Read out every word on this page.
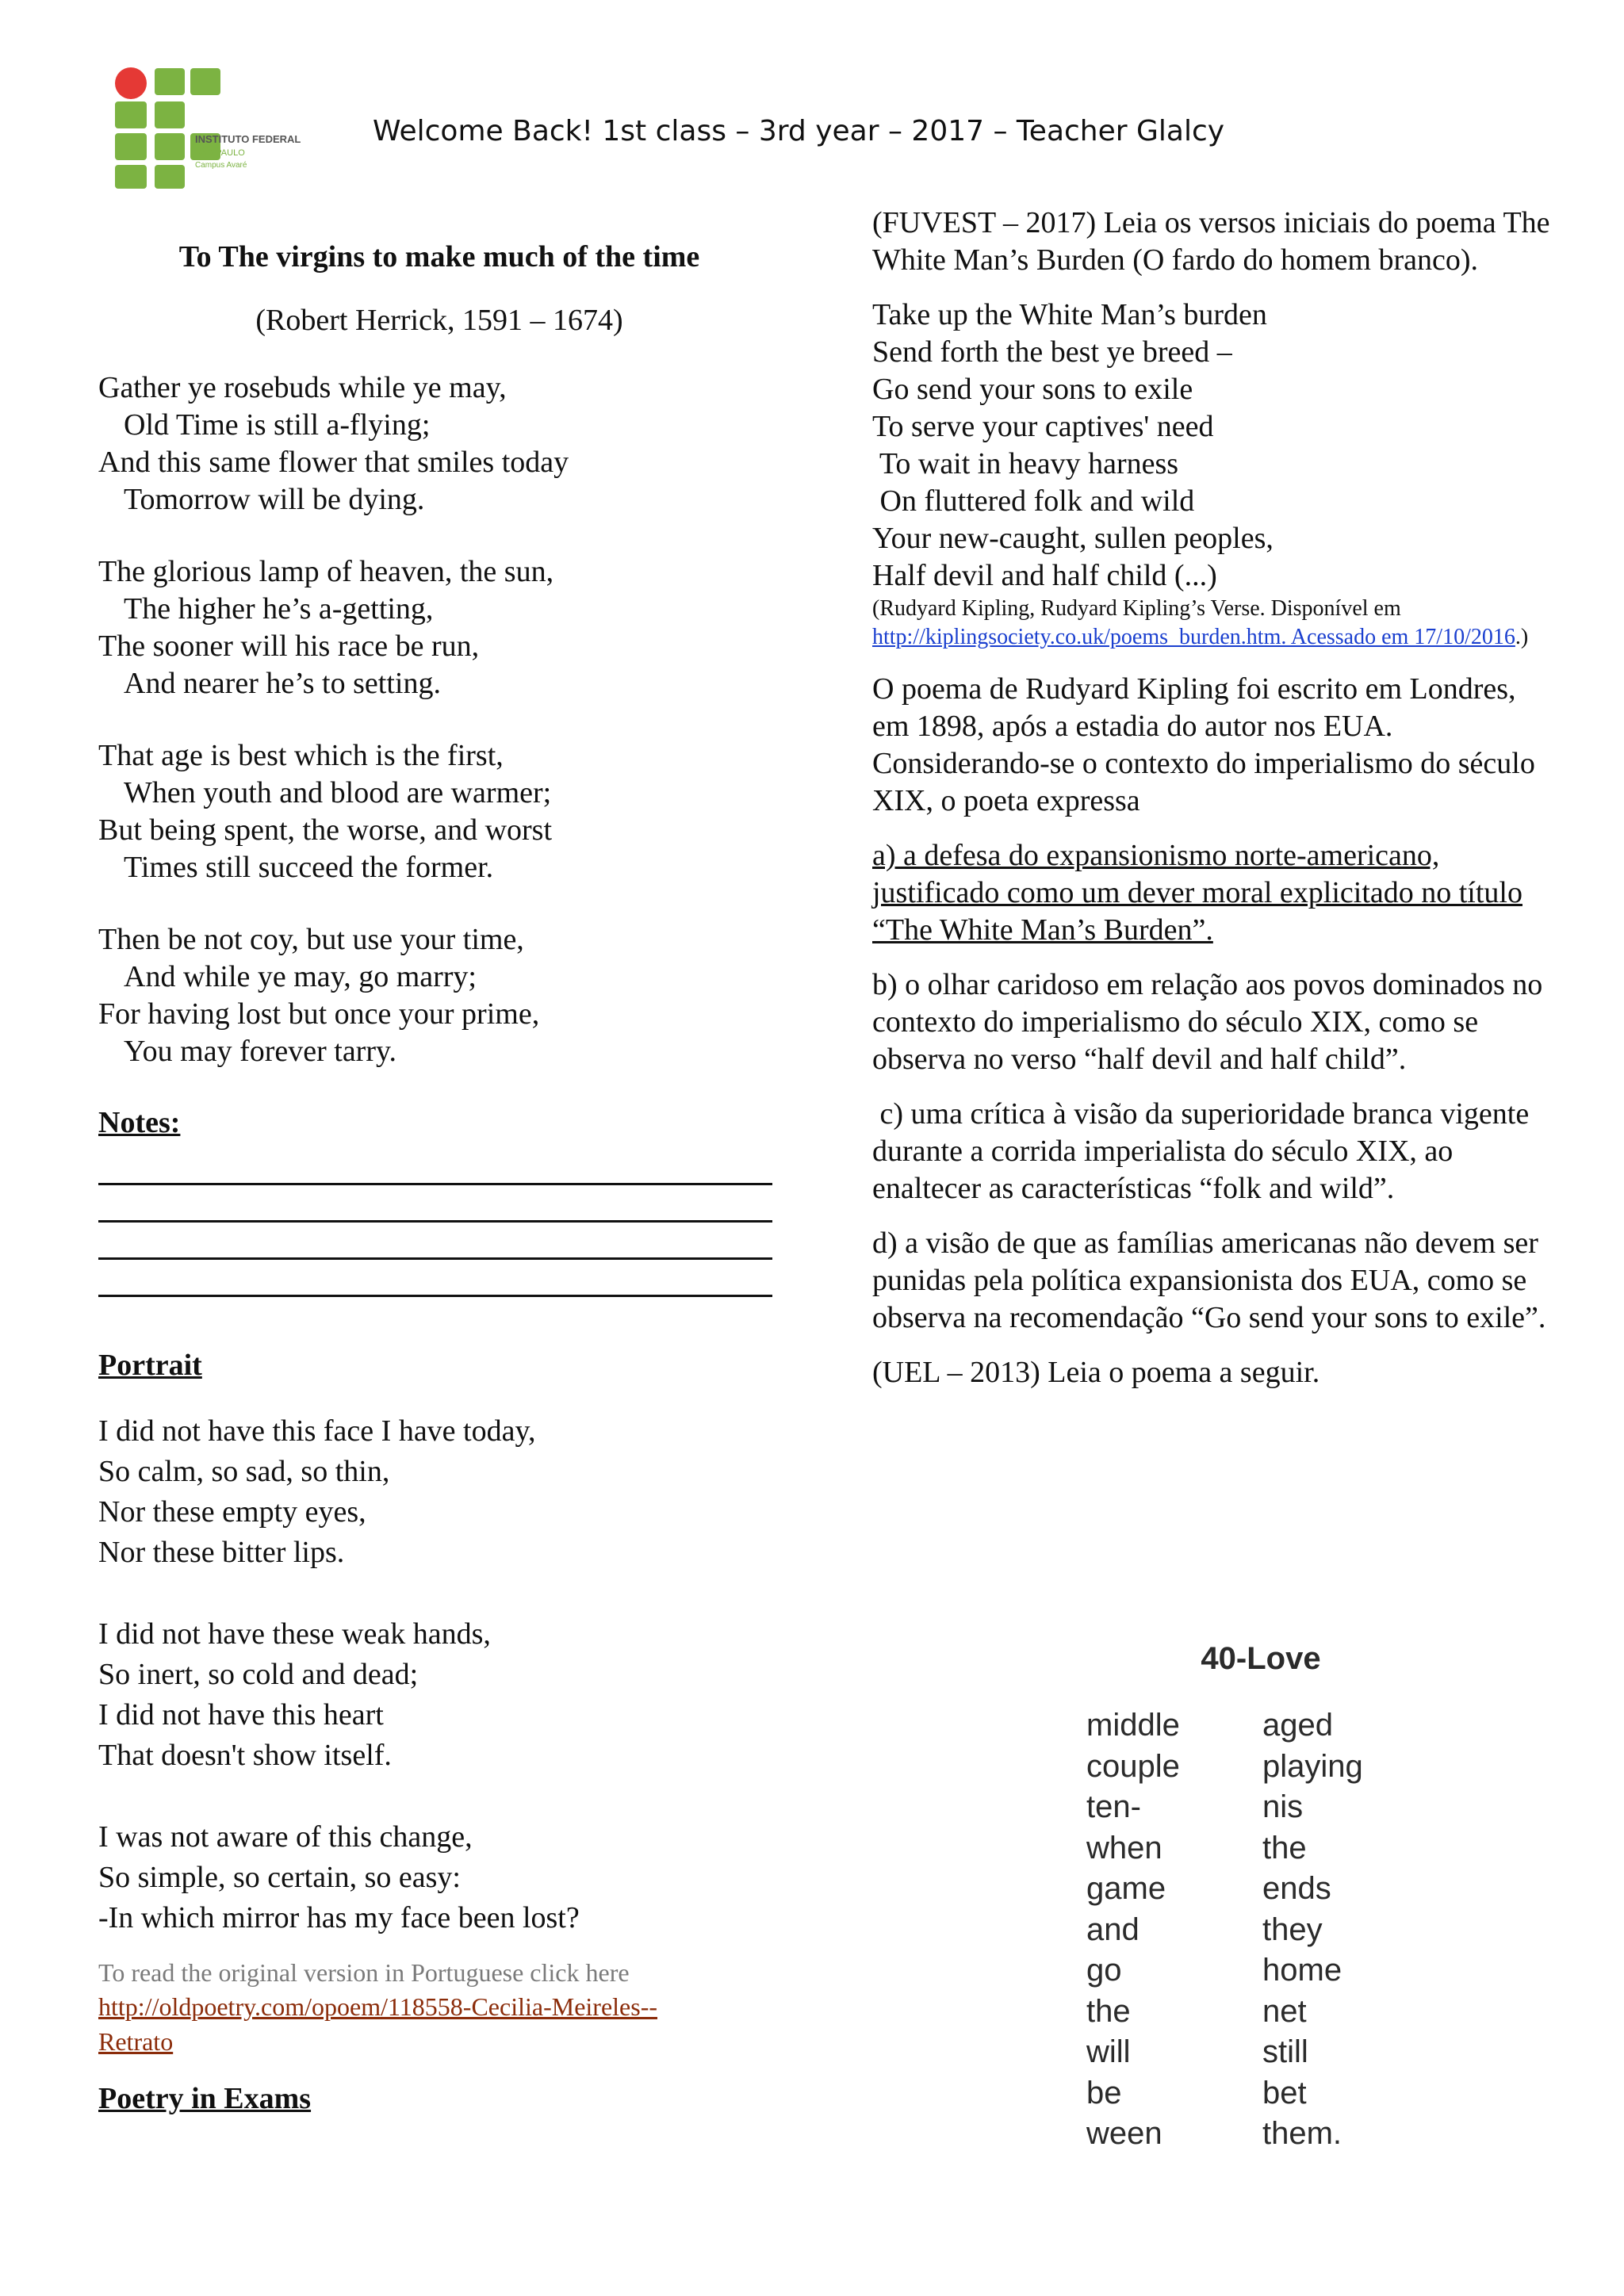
INSTITUTO FEDERAL
SÃO PAULO
Campus Avaré
Welcome Back! 1st class – 3rd year – 2017 – Teacher Glalcy
To The virgins to make much of the time
(Robert Herrick, 1591 – 1674)
Gather ye rosebuds while ye may,
Old Time is still a-flying;
And this same flower that smiles today
Tomorrow will be dying.
The glorious lamp of heaven, the sun,
The higher he’s a-getting,
The sooner will his race be run,
And nearer he’s to setting.
That age is best which is the first,
When youth and blood are warmer;
But being spent, the worse, and worst
Times still succeed the former.
Then be not coy, but use your time,
And while ye may, go marry;
For having lost but once your prime,
You may forever tarry.
Notes:
Portrait
I did not have this face I have today,
So calm, so sad, so thin,
Nor these empty eyes,
Nor these bitter lips.
I did not have these weak hands,
So inert, so cold and dead;
I did not have this heart
That doesn't show itself.
I was not aware of this change,
So simple, so certain, so easy:
-In which mirror has my face been lost?
To read the original version in Portuguese click here
http://oldpoetry.com/opoem/118558-Cecilia-Meireles--
Retrato
Poetry in Exams
(FUVEST – 2017) Leia os versos iniciais do poema The White Man’s Burden (O fardo do homem branco).
Take up the White Man’s burden
Send forth the best ye breed –
Go send your sons to exile
To serve your captives' need
To wait in heavy harness
On fluttered folk and wild
Your new-caught, sullen peoples,
Half devil and half child (...)
(Rudyard Kipling, Rudyard Kipling’s Verse. Disponível em http://kiplingsociety.co.uk/poems_burden.htm. Acessado em 17/10/2016.)
O poema de Rudyard Kipling foi escrito em Londres, em 1898, após a estadia do autor nos EUA. Considerando-se o contexto do imperialismo do século XIX, o poeta expressa
a) a defesa do expansionismo norte-americano, justificado como um dever moral explicitado no título “The White Man’s Burden”.
b) o olhar caridoso em relação aos povos dominados no contexto do imperialismo do século XIX, como se observa no verso “half devil and half child”.
c) uma crítica à visão da superioridade branca vigente durante a corrida imperialista do século XIX, ao enaltecer as características “folk and wild”.
d) a visão de que as famílias americanas não devem ser punidas pela política expansionista dos EUA, como se observa na recomendação “Go send your sons to exile”.
(UEL – 2013) Leia o poema a seguir.
40-Love
middle	aged
couple	playing
ten-	nis
when	the
game	ends
and	they
go	home
the	net
will	still
be	bet
ween	them.
